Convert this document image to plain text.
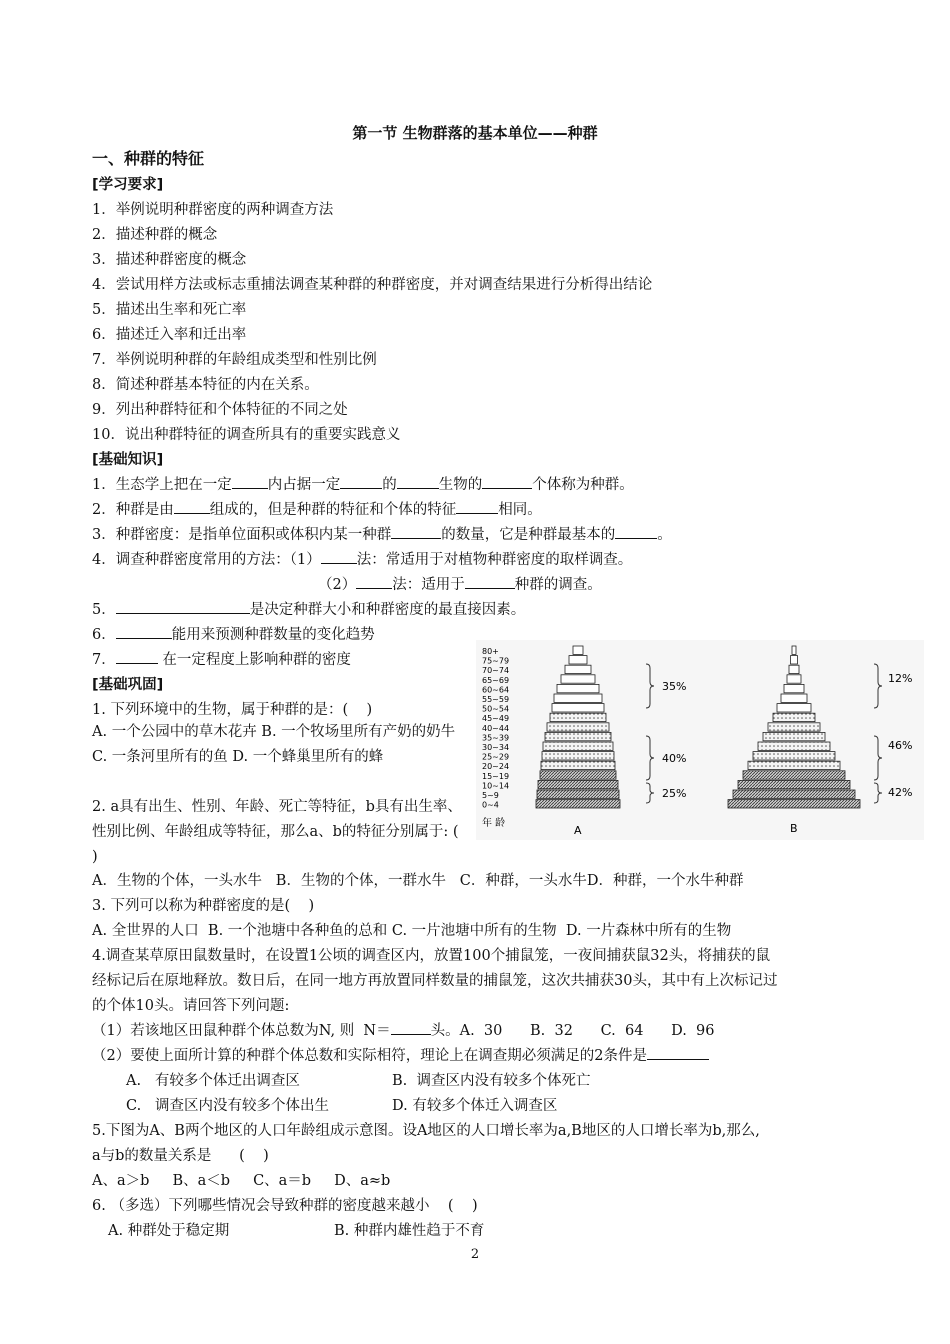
第一节 生物群落的基本单位——种群
一、种群的特征
[学习要求]
1．举例说明种群密度的两种调查方法
2．描述种群的概念
3．描述种群密度的概念
4．尝试用样方法或标志重捕法调查某种群的种群密度，并对调查结果进行分析得出结论
5．描述出生率和死亡率
6．描述迁入率和迁出率
7．举例说明种群的年龄组成类型和性别比例
8．简述种群基本特征的内在关系。
9．列出种群特征和个体特征的不同之处
10．说出种群特征的调查所具有的重要实践意义
[基础知识]
1．生态学上把在一定 内占据一定	的	生物的	个体称为种群。
2．种群是由 组成的，但是种群的特征和个体的特征	相同。
3．种群密度：是指单位面积或体积内某一种群	的数量，它是种群最基本的	。
4．调查种群密度常用的方法：（1） 法：常适用于对植物种群密度的取样调查。
（2） 法：适用于	种群的调查。
5．	是决定种群大小和种群密度的最直接因素。
6．	能用来预测种群数量的变化趋势
7．	在一定程度上影响种群的密度
[基础巩固]
1. 下列环境中的生物，属于种群的是：(    )
A. 一个公园中的草木花卉 B. 一个牧场里所有产奶的奶牛C. 一条河里所有的鱼 D. 一个蜂巢里所有的蜂
2. a具有出生、性别、年龄、死亡等特征，b具有出生率、性别比例、年龄组成等特征，那么a、b的特征分别属于: ( )
A．生物的个体，一头水牛   B．生物的个体，一群水牛   C．种群，一头水牛D．种群，一个水牛种群
3. 下列可以称为种群密度的是(    )
A. 全世界的人口  B. 一个池塘中各种鱼的总和 C. 一片池塘中所有的生物  D. 一片森林中所有的生物
4.调查某草原田鼠数量时，在设置1公顷的调查区内，放置100个捕鼠笼，一夜间捕获鼠32头，将捕获的鼠
经标记后在原地释放。数日后，在同一地方再放置同样数量的捕鼠笼，这次共捕获30头，其中有上次标记过
的个体10头。请回答下列问题:
（1）若该地区田鼠种群个体总数为N, 则  N＝	头。A.  30      B.  32      C.  64      D.  96
（2）要使上面所计算的种群个体总数和实际相符，理论上在调查期必须满足的2条件是
A.   有较多个体迁出调查区	B.  调查区内没有较多个体死亡
C.   调查区内没有较多个体出生	D. 有较多个体迁入调查区
5.下图为A、B两个地区的人口年龄组成示意图。设A地区的人口增长率为a,B地区的人口增长率为b,那么,
a与b的数量关系是      (    )
A、a＞b     B、a＜b     C、a＝b     D、a≈b
6. （多选）下列哪些情况会导致种群的密度越来越小    (    )
A. 种群处于稳定期	B. 种群内雄性趋于不育
80+
75~79
70~74
65~69
60~64
55~59
50~54
45~49
40~44
35~39
30~34
25~29
20~24
15~19
10~14
5~9
0~4
年 龄
35%
40%
25%
12%
46%
42%
A	B
2
